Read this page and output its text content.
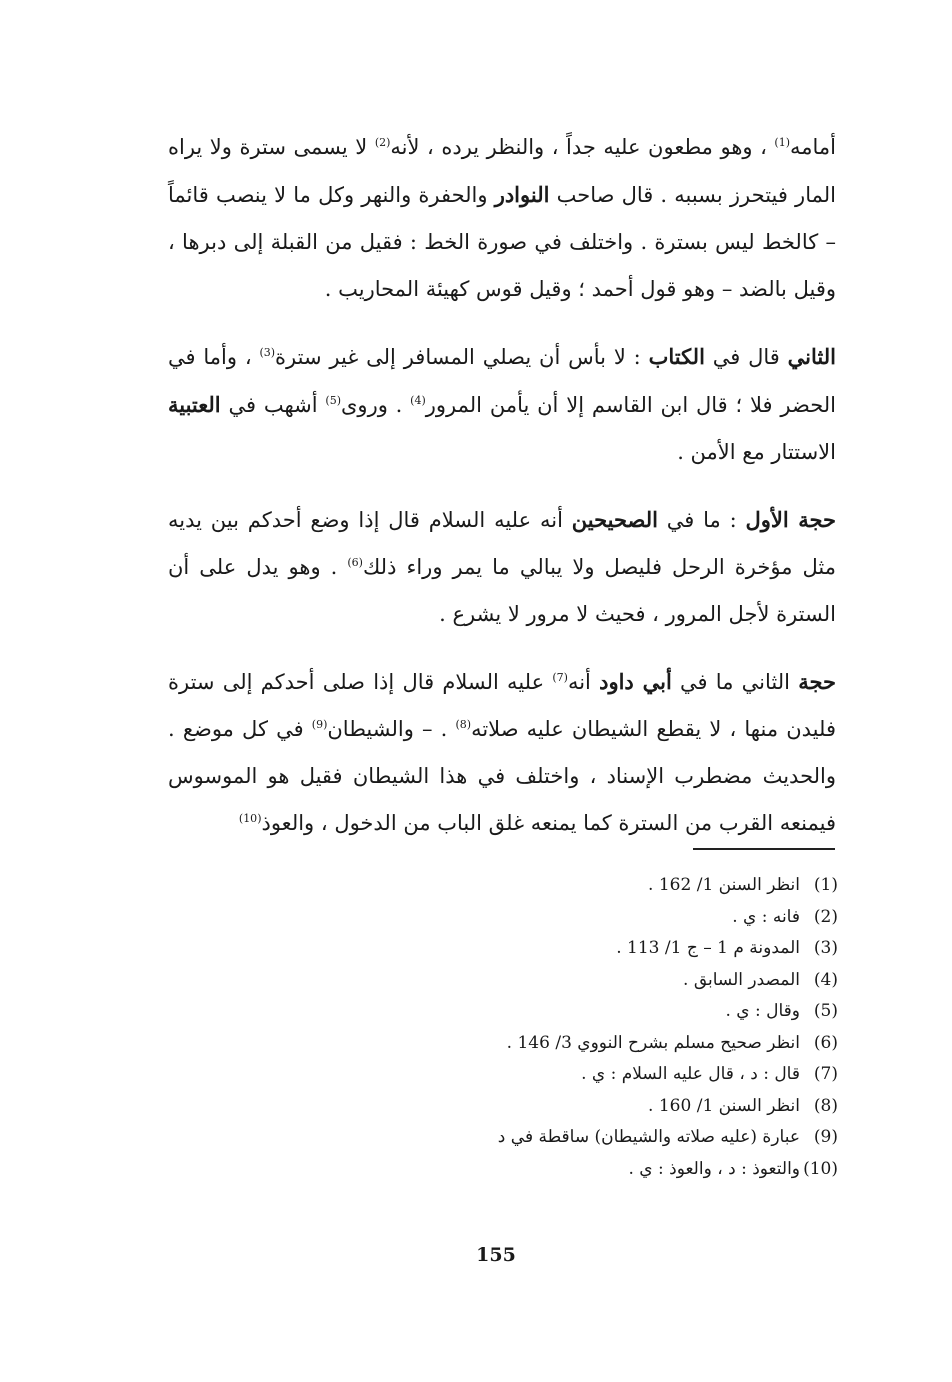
أمامه$^{(1)}$ ، وهو مطعون عليه جداً ، والنظر يرده ، لأنه$^{(2)}$ لا يسمى سترة ولا يراه المار فيتحرز بسببه . قال صاحب النوادر والحفرة والنهر وكل ما لا ينصب قائماً – كالخط ليس بسترة . واختلف في صورة الخط : فقيل من القبلة إلى دبرها ، وقيل بالضد – وهو قول أحمد ؛ وقيل قوس كهيئة المحاريب .

الثاني قال في الكتاب : لا بأس أن يصلي المسافر إلى غير سترة$^{(3)}$ ، وأما في الحضر فلا ؛ قال ابن القاسم إلا أن يأمن المرور$^{(4)}$ . وروى$^{(5)}$ أشهب في العتبية الاستتار مع الأمن .

حجة الأول : ما في الصحيحين أنه عليه السلام قال إذا وضع أحدكم بين يديه مثل مؤخرة الرحل فليصل ولا يبالي ما يمر وراء ذلك$^{(6)}$ . وهو يدل على أن السترة لأجل المرور ، فحيث لا مرور لا يشرع .

حجة الثاني ما في أبي داود أنه$^{(7)}$ عليه السلام قال إذا صلى أحدكم إلى سترة فليدن منها ، لا يقطع الشيطان عليه صلاته$^{(8)}$ . – والشيطان$^{(9)}$ في كل موضع . والحديث مضطرب الإسناد ، واختلف في هذا الشيطان فقيل هو الموسوس فيمنعه القرب من السترة كما يمنعه غلق الباب من الدخول ، والعوذ$^{(10)}$

(1)
انظر السنن 1/ 162 .
(2)
فانه : ي .
(3)
المدونة م 1 – ج 1/ 113 .
(4)
المصدر السابق .
(5)
وقال : ي .
(6)
انظر صحيح مسلم بشرح النووي 3/ 146 .
(7)
قال : د ، قال عليه السلام : ي .
(8)
انظر السنن 1/ 160 .
(9)
عبارة (عليه صلاته والشيطان) ساقطة في د
(10)
والتعوذ : د ، والعوذ : ي .
155
